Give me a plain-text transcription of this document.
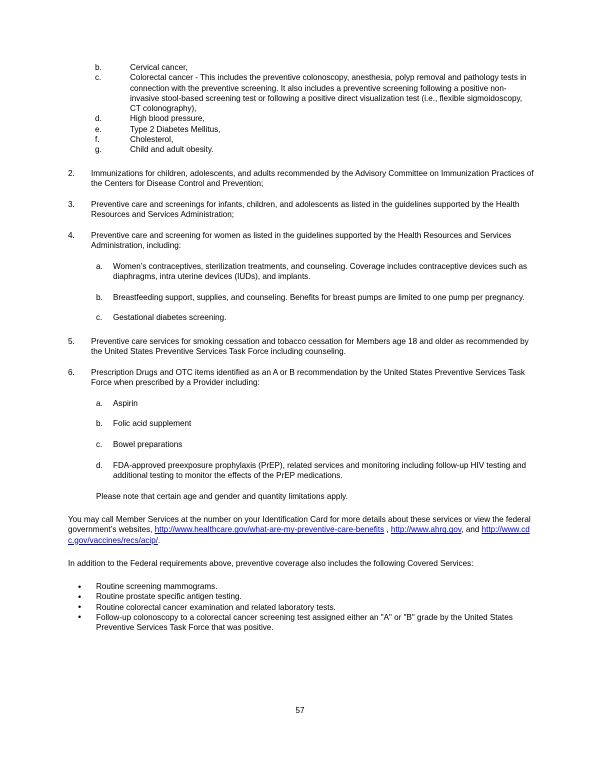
b.	Cervical cancer,
c.	Colorectal cancer - This includes the preventive colonoscopy, anesthesia, polyp removal and pathology tests in connection with the preventive screening. It also includes a preventive screening following a positive non-invasive stool-based screening test or following a positive direct visualization test (i.e., flexible sigmoidoscopy, CT colonography),
d.	High blood pressure,
e.	Type 2 Diabetes Mellitus,
f.	Cholesterol,
g.	Child and adult obesity.
2. Immunizations for children, adolescents, and adults recommended by the Advisory Committee on Immunization Practices of the Centers for Disease Control and Prevention;
3. Preventive care and screenings for infants, children, and adolescents as listed in the guidelines supported by the Health Resources and Services Administration;
4. Preventive care and screening for women as listed in the guidelines supported by the Health Resources and Services Administration, including:
a. Women’s contraceptives, sterilization treatments, and counseling. Coverage includes contraceptive devices such as diaphragms, intra uterine devices (IUDs), and implants.
b. Breastfeeding support, supplies, and counseling. Benefits for breast pumps are limited to one pump per pregnancy.
c. Gestational diabetes screening.
5. Preventive care services for smoking cessation and tobacco cessation for Members age 18 and older as recommended by the United States Preventive Services Task Force including counseling.
6. Prescription Drugs and OTC items identified as an A or B recommendation by the United States Preventive Services Task Force when prescribed by a Provider including:
a. Aspirin
b. Folic acid supplement
c. Bowel preparations
d. FDA-approved preexposure prophylaxis (PrEP), related services and monitoring including follow-up HIV testing and additional testing to monitor the effects of the PrEP medications.
Please note that certain age and gender and quantity limitations apply.
You may call Member Services at the number on your Identification Card for more details about these services or view the federal government’s websites, http://www.healthcare.gov/what-are-my-preventive-care-benefits , http://www.ahrq.gov, and http://www.cdc.gov/vaccines/recs/acip/.
In addition to the Federal requirements above, preventive coverage also includes the following Covered Services:
• Routine screening mammograms.
• Routine prostate specific antigen testing.
• Routine colorectal cancer examination and related laboratory tests.
• Follow-up colonoscopy to a colorectal cancer screening test assigned either an "A" or "B" grade by the United States Preventive Services Task Force that was positive.
57
